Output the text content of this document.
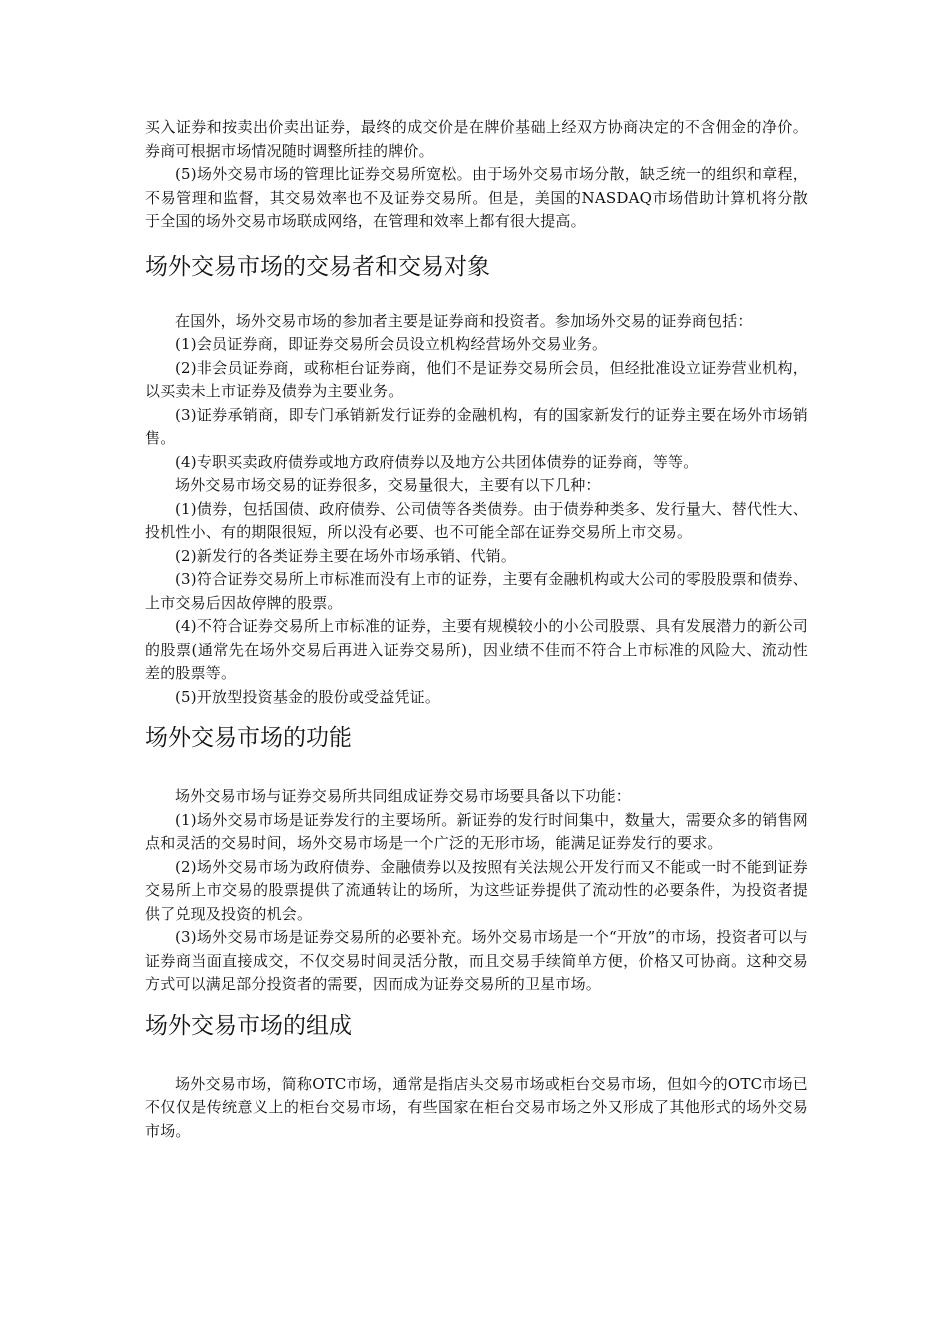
买入证券和按卖出价卖出证券，最终的成交价是在牌价基础上经双方协商决定的不含佣金的净价。券商可根据市场情况随时调整所挂的牌价。

(5)场外交易市场的管理比证券交易所宽松。由于场外交易市场分散，缺乏统一的组织和章程，不易管理和监督，其交易效率也不及证券交易所。但是，美国的NASDAQ市场借助计算机将分散于全国的场外交易市场联成网络，在管理和效率上都有很大提高。

场外交易市场的交易者和交易对象

在国外，场外交易市场的参加者主要是证券商和投资者。参加场外交易的证券商包括：

(1)会员证券商，即证券交易所会员设立机构经营场外交易业务。

(2)非会员证券商，或称柜台证券商，他们不是证券交易所会员，但经批准设立证券营业机构，以买卖未上市证券及债券为主要业务。

(3)证券承销商，即专门承销新发行证券的金融机构，有的国家新发行的证券主要在场外市场销售。

(4)专职买卖政府债券或地方政府债券以及地方公共团体债券的证券商，等等。

场外交易市场交易的证券很多，交易量很大，主要有以下几种：

(1)债券，包括国债、政府债券、公司债等各类债券。由于债券种类多、发行量大、替代性大、投机性小、有的期限很短，所以没有必要、也不可能全部在证券交易所上市交易。

(2)新发行的各类证券主要在场外市场承销、代销。

(3)符合证券交易所上市标准而没有上市的证券，主要有金融机构或大公司的零股股票和债券、上市交易后因故停牌的股票。

(4)不符合证券交易所上市标准的证券，主要有规模较小的小公司股票、具有发展潜力的新公司的股票(通常先在场外交易后再进入证券交易所)，因业绩不佳而不符合上市标准的风险大、流动性差的股票等。

(5)开放型投资基金的股份或受益凭证。

场外交易市场的功能

场外交易市场与证券交易所共同组成证券交易市场要具备以下功能：

(1)场外交易市场是证券发行的主要场所。新证券的发行时间集中，数量大，需要众多的销售网点和灵活的交易时间，场外交易市场是一个广泛的无形市场，能满足证券发行的要求。

(2)场外交易市场为政府债券、金融债券以及按照有关法规公开发行而又不能或一时不能到证券交易所上市交易的股票提供了流通转让的场所，为这些证券提供了流动性的必要条件，为投资者提供了兑现及投资的机会。

(3)场外交易市场是证券交易所的必要补充。场外交易市场是一个“开放”的市场，投资者可以与证券商当面直接成交，不仅交易时间灵活分散，而且交易手续简单方便，价格又可协商。这种交易方式可以满足部分投资者的需要，因而成为证券交易所的卫星市场。

场外交易市场的组成

场外交易市场，简称OTC市场，通常是指店头交易市场或柜台交易市场，但如今的OTC市场已不仅仅是传统意义上的柜台交易市场，有些国家在柜台交易市场之外又形成了其他形式的场外交易市场。
